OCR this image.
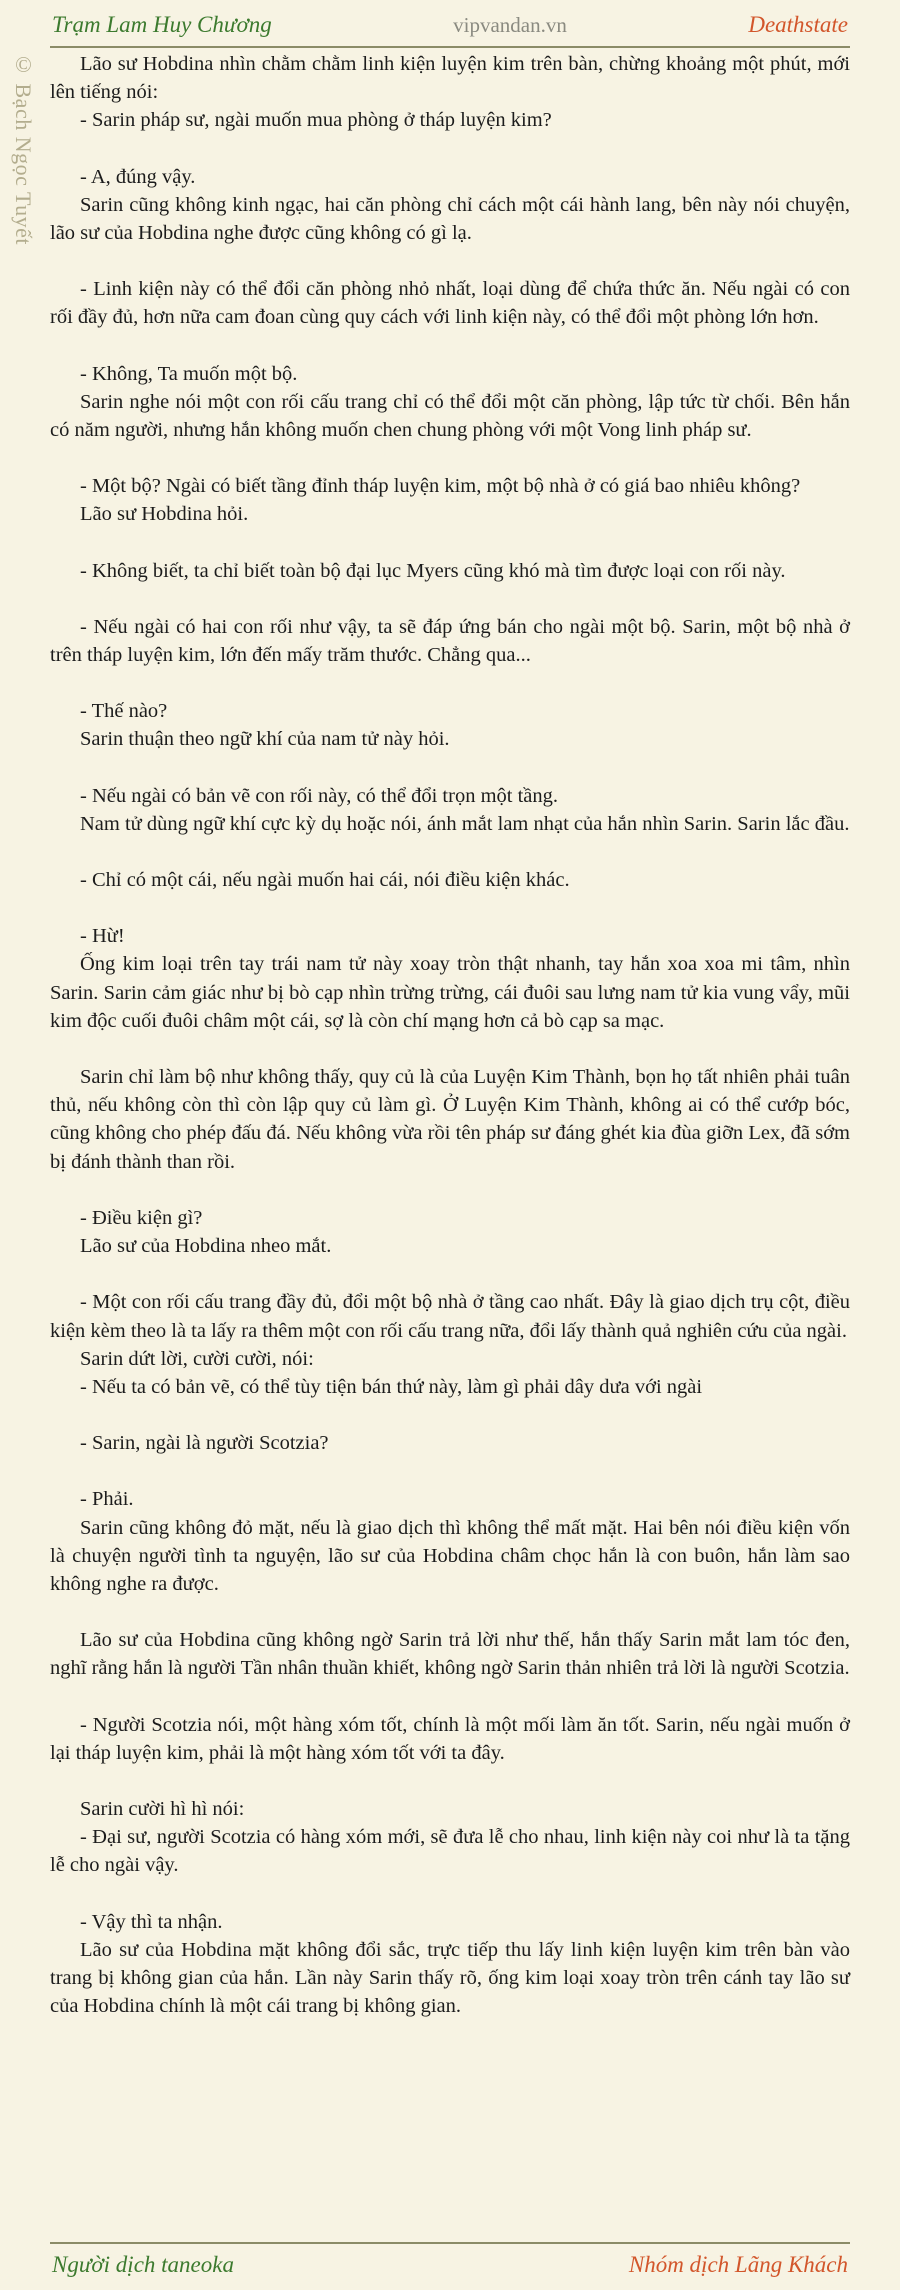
Trạm Lam Huy Chương	vipvandan.vn	Deathstate
© Bạch Ngọc Tuyết	Lão sư Hobdina nhìn chằm chằm linh kiện luyện kim trên bàn, chừng khoảng một phút, mới lên tiếng nói:

- Sarin pháp sư, ngài muốn mua phòng ở tháp luyện kim?

- A, đúng vậy.

Sarin cũng không kinh ngạc, hai căn phòng chỉ cách một cái hành lang, bên này nói chuyện, lão sư của Hobdina nghe được cũng không có gì lạ.

- Linh kiện này có thể đổi căn phòng nhỏ nhất, loại dùng để chứa thức ăn. Nếu ngài có con rối đầy đủ, hơn nữa cam đoan cùng quy cách với linh kiện này, có thể đổi một phòng lớn hơn.

- Không, Ta muốn một bộ.

Sarin nghe nói một con rối cấu trang chỉ có thể đổi một căn phòng, lập tức từ chối. Bên hắn có năm người, nhưng hắn không muốn chen chung phòng với một Vong linh pháp sư.

- Một bộ? Ngài có biết tầng đỉnh tháp luyện kim, một bộ nhà ở có giá bao nhiêu không?

Lão sư Hobdina hỏi.

- Không biết, ta chỉ biết toàn bộ đại lục Myers cũng khó mà tìm được loại con rối này.

- Nếu ngài có hai con rối như vậy, ta sẽ đáp ứng bán cho ngài một bộ. Sarin, một bộ nhà ở trên tháp luyện kim, lớn đến mấy trăm thước. Chẳng qua...

- Thế nào?

Sarin thuận theo ngữ khí của nam tử này hỏi.

- Nếu ngài có bản vẽ con rối này, có thể đổi trọn một tầng.

Nam tử dùng ngữ khí cực kỳ dụ hoặc nói, ánh mắt lam nhạt của hắn nhìn Sarin. Sarin lắc đầu.

- Chỉ có một cái, nếu ngài muốn hai cái, nói điều kiện khác.

- Hừ!

Ống kim loại trên tay trái nam tử này xoay tròn thật nhanh, tay hắn xoa xoa mi tâm, nhìn Sarin. Sarin cảm giác như bị bò cạp nhìn trừng trừng, cái đuôi sau lưng nam tử kia vung vẩy, mũi kim độc cuối đuôi châm một cái, sợ là còn chí mạng hơn cả bò cạp sa mạc.

Sarin chỉ làm bộ như không thấy, quy củ là của Luyện Kim Thành, bọn họ tất nhiên phải tuân thủ, nếu không còn thì còn lập quy củ làm gì. Ở Luyện Kim Thành, không ai có thể cướp bóc, cũng không cho phép đấu đá. Nếu không vừa rồi tên pháp sư đáng ghét kia đùa giỡn Lex, đã sớm bị đánh thành than rồi.

- Điều kiện gì?

Lão sư của Hobdina nheo mắt.

- Một con rối cấu trang đầy đủ, đổi một bộ nhà ở tầng cao nhất. Đây là giao dịch trụ cột, điều kiện kèm theo là ta lấy ra thêm một con rối cấu trang nữa, đổi lấy thành quả nghiên cứu của ngài.

Sarin dứt lời, cười cười, nói:

- Nếu ta có bản vẽ, có thể tùy tiện bán thứ này, làm gì phải dây dưa với ngài

- Sarin, ngài là người Scotzia?

- Phải.

Sarin cũng không đỏ mặt, nếu là giao dịch thì không thể mất mặt. Hai bên nói điều kiện vốn là chuyện người tình ta nguyện, lão sư của Hobdina châm chọc hắn là con buôn, hắn làm sao không nghe ra được.

Lão sư của Hobdina cũng không ngờ Sarin trả lời như thế, hắn thấy Sarin mắt lam tóc đen, nghĩ rằng hắn là người Tần nhân thuần khiết, không ngờ Sarin thản nhiên trả lời là người Scotzia.

- Người Scotzia nói, một hàng xóm tốt, chính là một mối làm ăn tốt. Sarin, nếu ngài muốn ở lại tháp luyện kim, phải là một hàng xóm tốt với ta đây.

Sarin cười hì hì nói:

- Đại sư, người Scotzia có hàng xóm mới, sẽ đưa lễ cho nhau, linh kiện này coi như là ta tặng lễ cho ngài vậy.

- Vậy thì ta nhận.

Lão sư của Hobdina mặt không đổi sắc, trực tiếp thu lấy linh kiện luyện kim trên bàn vào trang bị không gian của hắn. Lần này Sarin thấy rõ, ống kim loại xoay tròn trên cánh tay lão sư của Hobdina chính là một cái trang bị không gian.

Người dịch taneoka	Nhóm dịch Lãng Khách
